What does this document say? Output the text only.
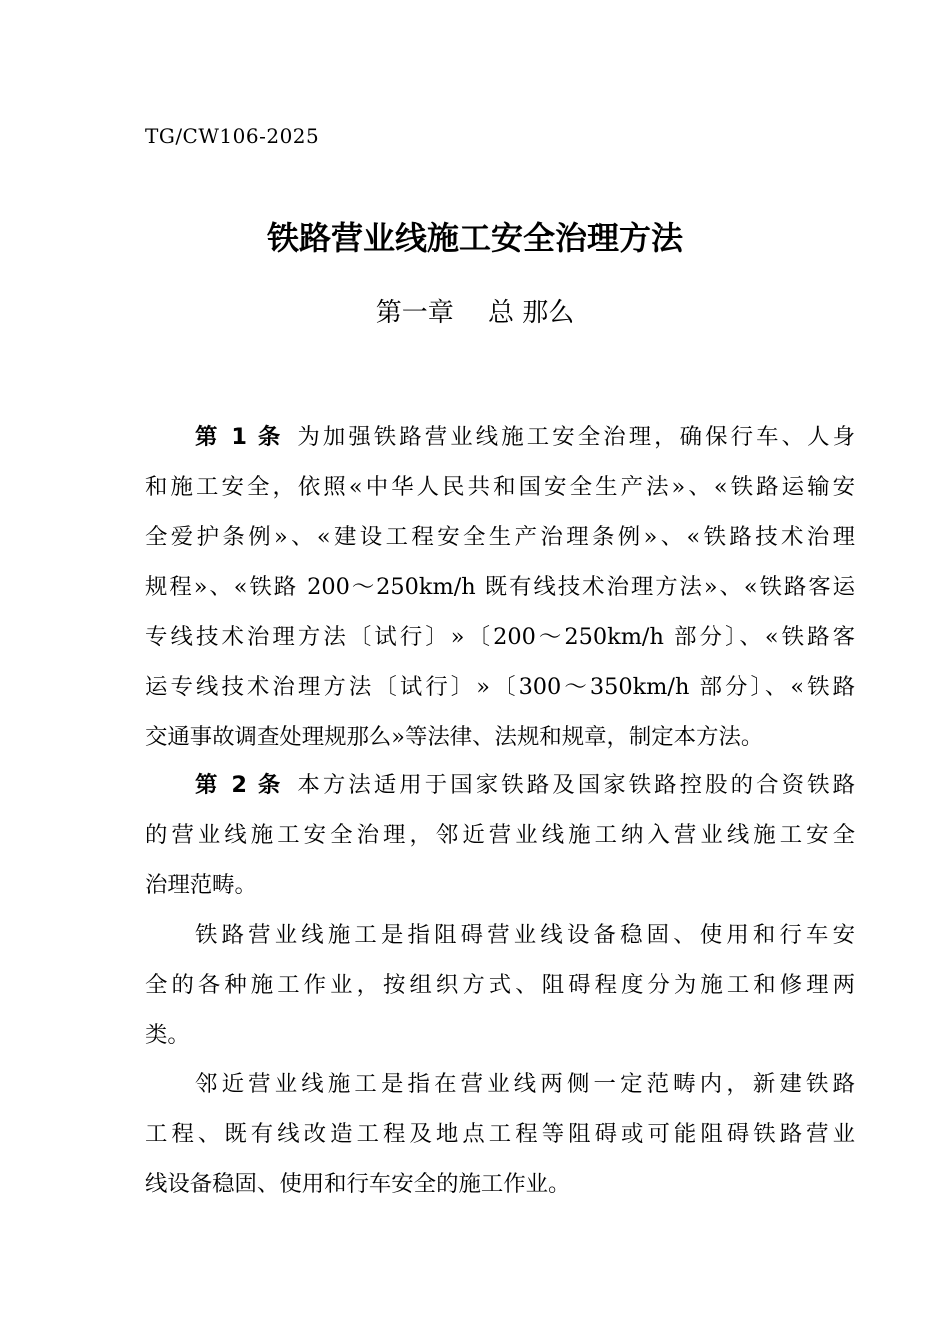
TG/CW106-2025
铁路营业线施工安全治理方法
第一章　 总 那么
第 1 条 为加强铁路营业线施工安全治理，确保行车、人身
和施工安全，依照«中华人民共和国安全生产法»、«铁路运输安
全爱护条例»、«建设工程安全生产治理条例»、«铁路技术治理
规程»、«铁路 200～250km/h 既有线技术治理方法»、«铁路客运
专线技术治理方法〔试行〕»〔200～250km/h 部分〕、«铁路客
运专线技术治理方法〔试行〕»〔300～350km/h 部分〕、«铁路
交通事故调查处理规那么»等法律、法规和规章，制定本方法。
第 2 条 本方法适用于国家铁路及国家铁路控股的合资铁路
的营业线施工安全治理，邻近营业线施工纳入营业线施工安全
治理范畴。
铁路营业线施工是指阻碍营业线设备稳固、使用和行车安
全的各种施工作业，按组织方式、阻碍程度分为施工和修理两
类。
邻近营业线施工是指在营业线两侧一定范畴内，新建铁路
工程、既有线改造工程及地点工程等阻碍或可能阻碍铁路营业
线设备稳固、使用和行车安全的施工作业。
